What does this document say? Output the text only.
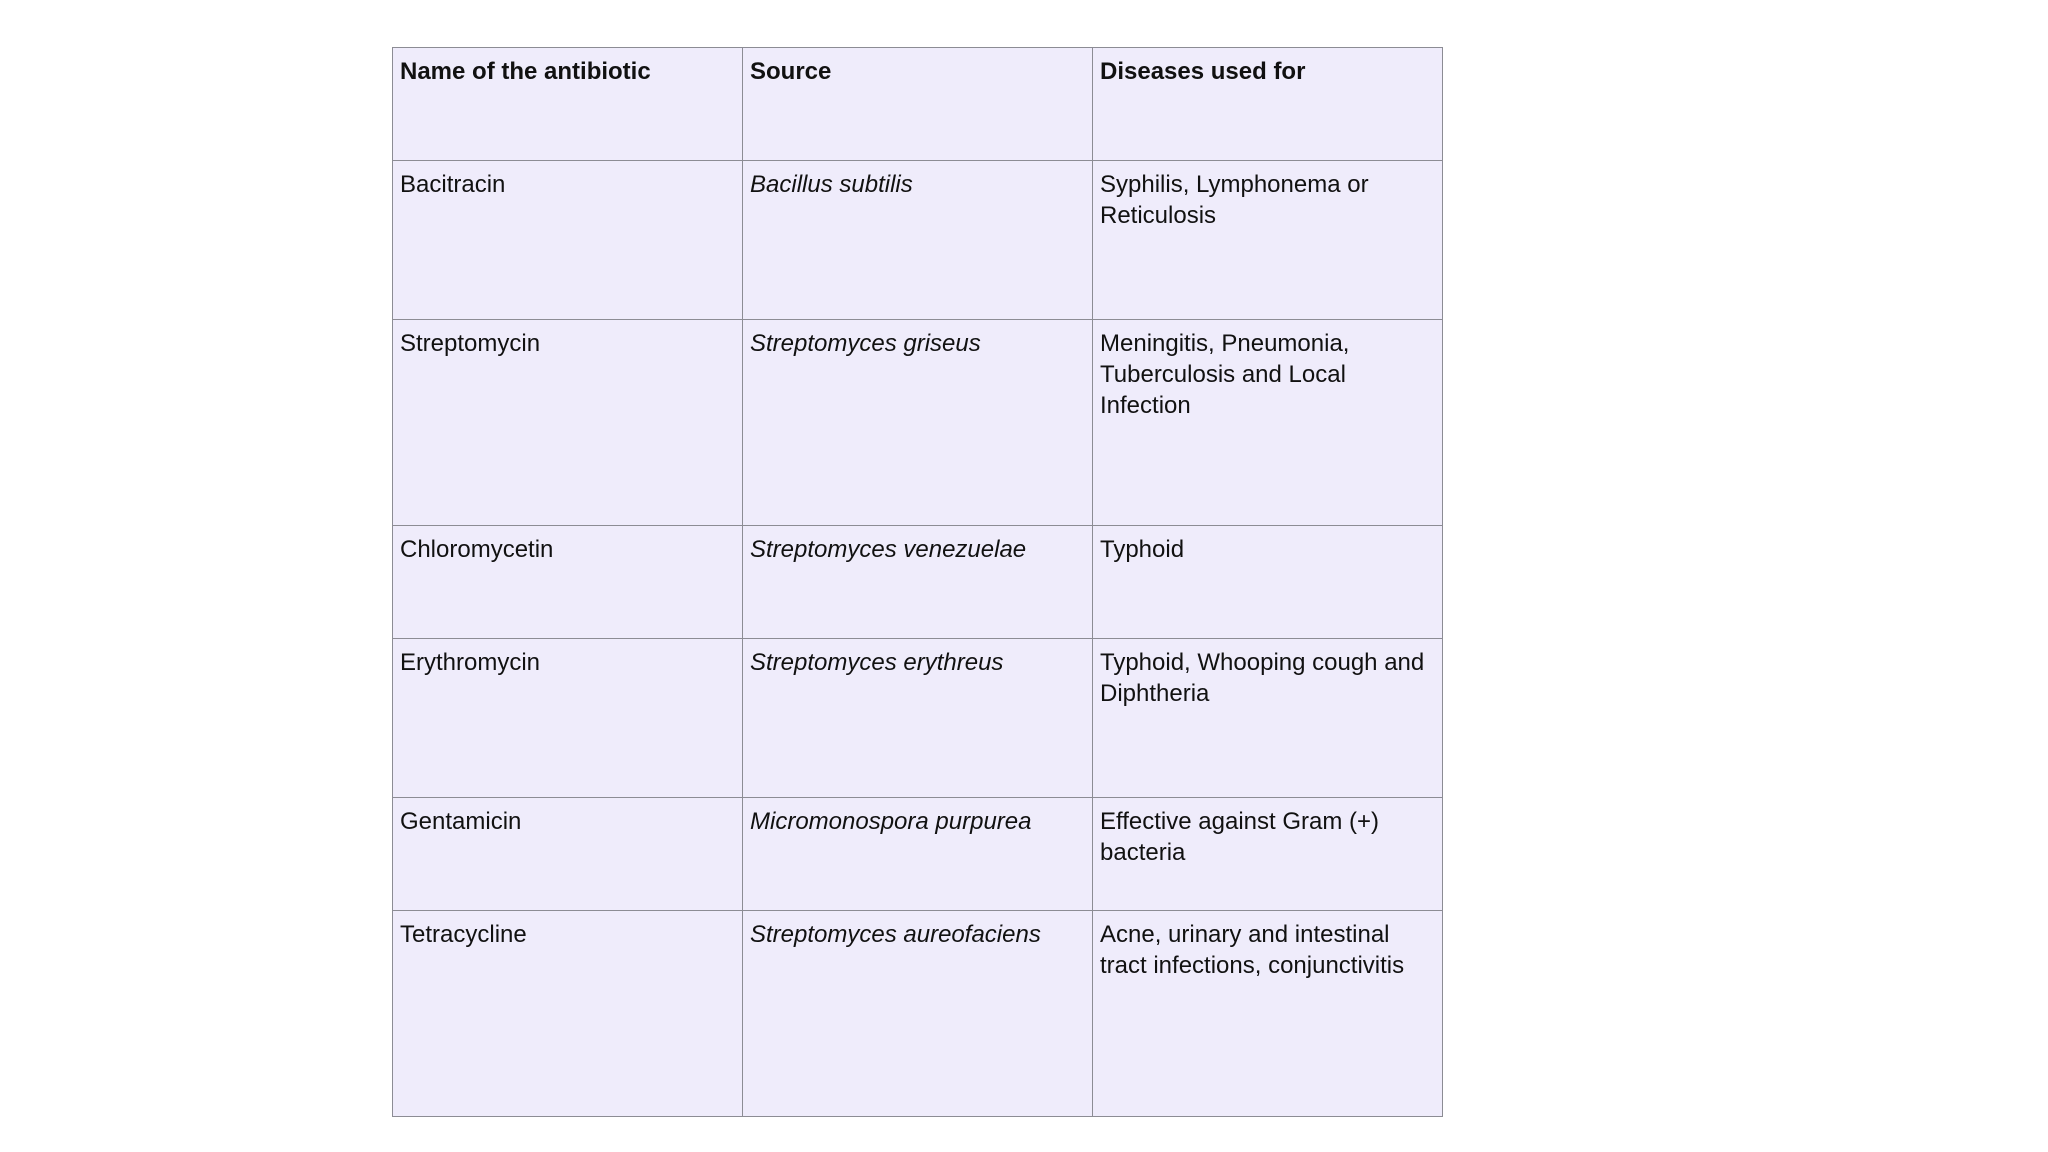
Name of the antibiotic	Source	Diseases used for
Bacitracin	Bacillus subtilis	Syphilis, Lymphonema or Reticulosis
Streptomycin	Streptomyces griseus	Meningitis, Pneumonia, Tuberculosis and Local Infection
Chloromycetin	Streptomyces venezuelae	Typhoid
Erythromycin	Streptomyces erythreus	Typhoid, Whooping cough and Diphtheria
Gentamicin	Micromonospora purpurea	Effective against Gram (+) bacteria
Tetracycline	Streptomyces aureofaciens	Acne, urinary and intestinal tract infections, conjunctivitis
